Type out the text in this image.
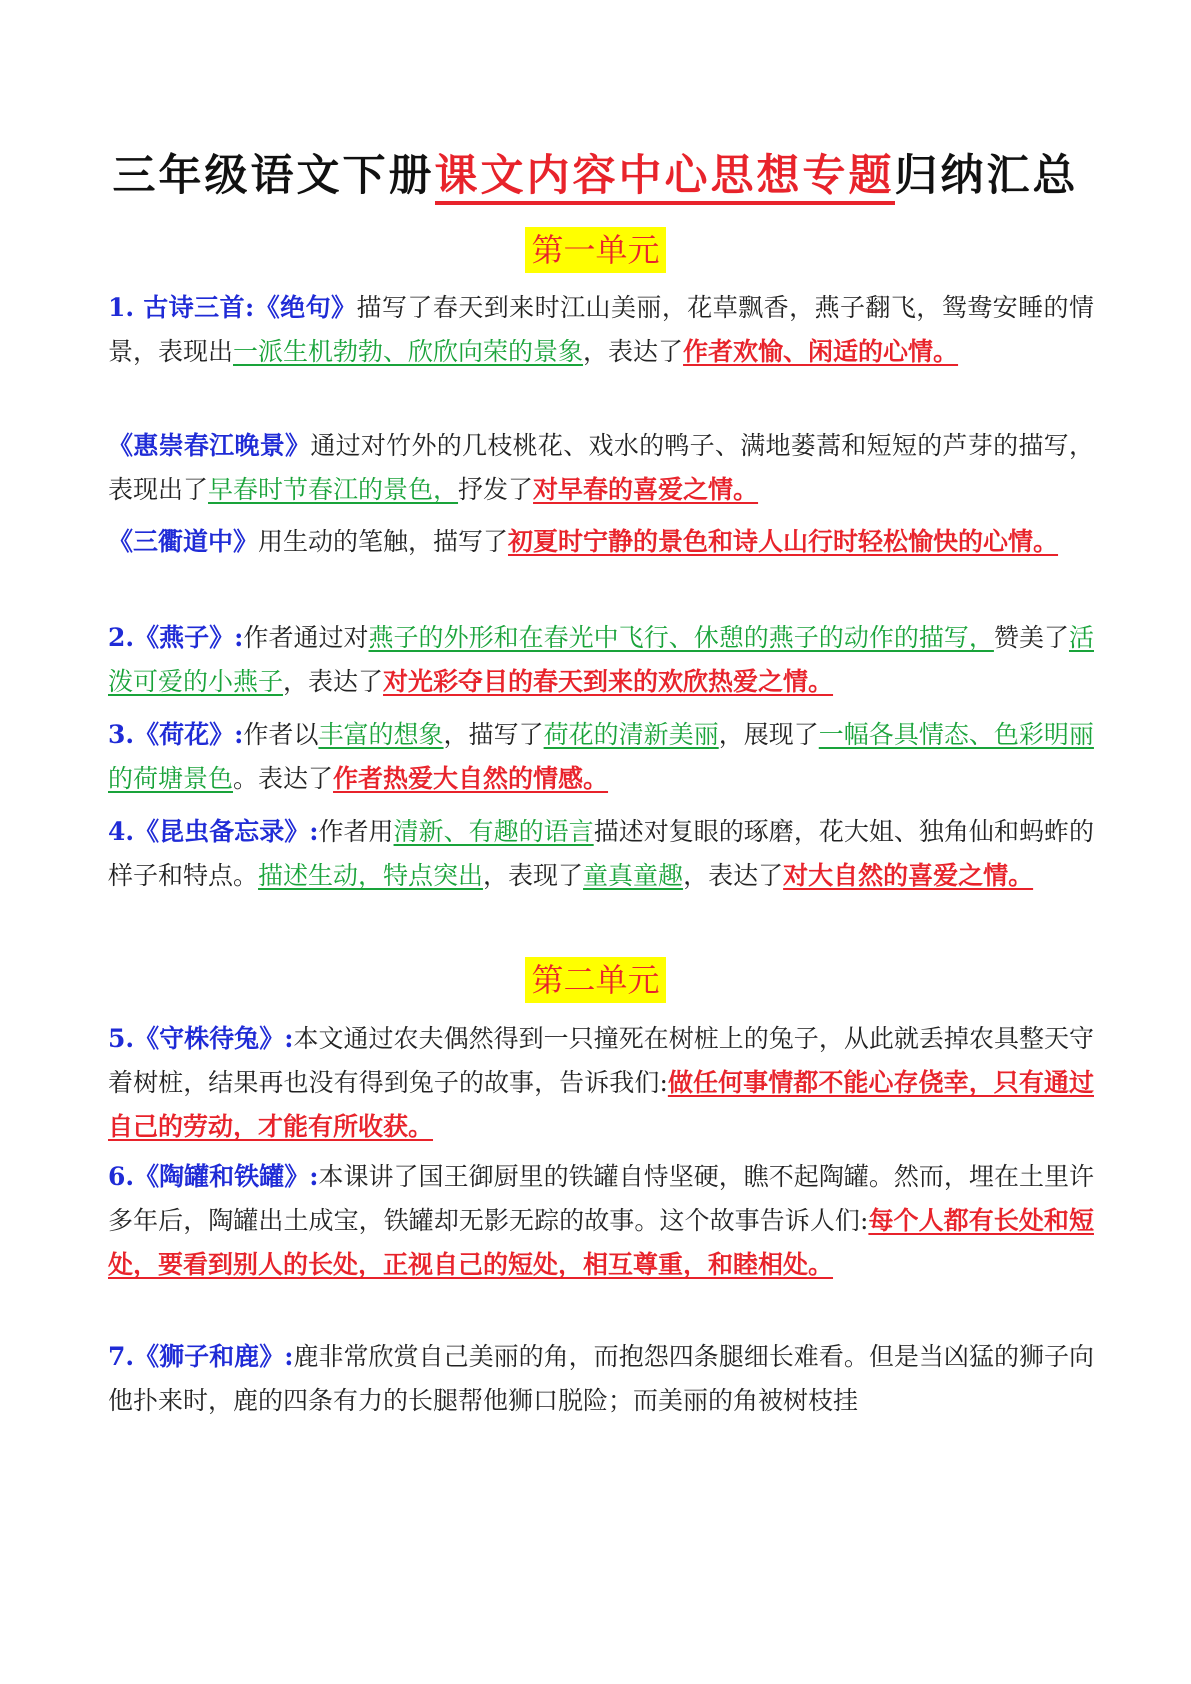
三年级语文下册课文内容中心思想专题归纳汇总
第一单元
1. 古诗三首:《绝句》描写了春天到来时江山美丽，花草飘香，燕子翻飞，鸳鸯安睡的情景，表现出一派生机勃勃、欣欣向荣的景象，表达了作者欢愉、闲适的心情。
《惠崇春江晚景》通过对竹外的几枝桃花、戏水的鸭子、满地蒌蒿和短短的芦芽的描写，表现出了早春时节春江的景色，抒发了对早春的喜爱之情。
《三衢道中》用生动的笔触，描写了初夏时宁静的景色和诗人山行时轻松愉快的心情。
2.《燕子》:作者通过对燕子的外形和在春光中飞行、休憩的燕子的动作的描写，赞美了活泼可爱的小燕子，表达了对光彩夺目的春天到来的欢欣热爱之情。
3.《荷花》:作者以丰富的想象，描写了荷花的清新美丽，展现了一幅各具情态、色彩明丽的荷塘景色。表达了作者热爱大自然的情感。
4.《昆虫备忘录》:作者用清新、有趣的语言描述对复眼的琢磨，花大姐、独角仙和蚂蚱的样子和特点。描述生动，特点突出，表现了童真童趣，表达了对大自然的喜爱之情。
第二单元
5.《守株待兔》:本文通过农夫偶然得到一只撞死在树桩上的兔子，从此就丢掉农具整天守着树桩，结果再也没有得到兔子的故事，告诉我们:做任何事情都不能心存侥幸，只有通过自己的劳动，才能有所收获。
6.《陶罐和铁罐》:本课讲了国王御厨里的铁罐自恃坚硬，瞧不起陶罐。然而，埋在土里许多年后，陶罐出土成宝，铁罐却无影无踪的故事。这个故事告诉人们:每个人都有长处和短处，要看到别人的长处，正视自己的短处，相互尊重，和睦相处。
7.《狮子和鹿》:鹿非常欣赏自己美丽的角，而抱怨四条腿细长难看。但是当凶猛的狮子向他扑来时，鹿的四条有力的长腿帮他狮口脱险；而美丽的角被树枝挂
